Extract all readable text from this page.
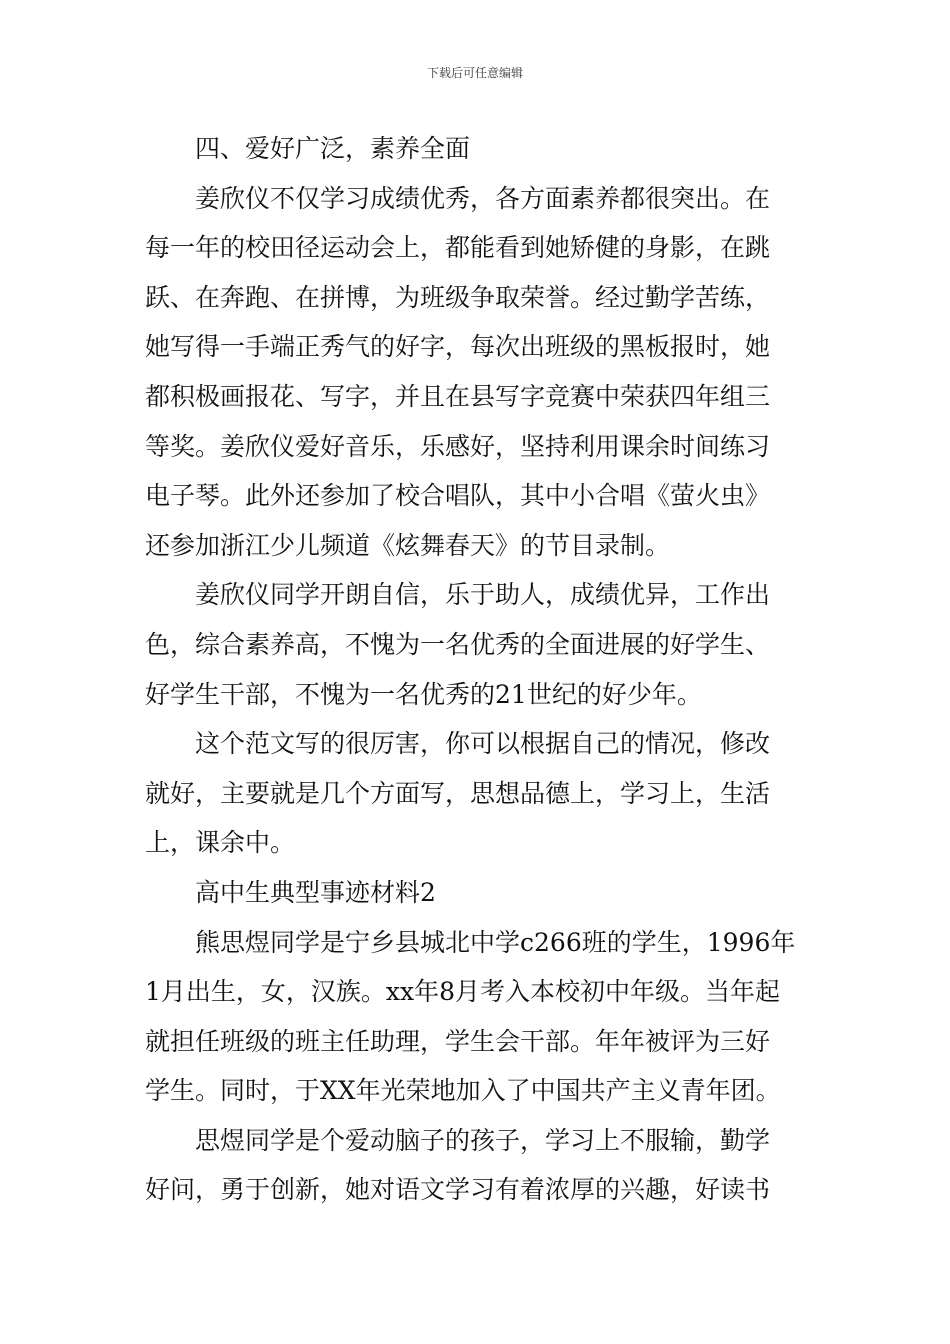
下载后可任意编辑
四、爱好广泛，素养全面
姜欣仪不仅学习成绩优秀，各方面素养都很突出。在
每一年的校田径运动会上，都能看到她矫健的身影，在跳
跃、在奔跑、在拼博，为班级争取荣誉。经过勤学苦练，
她写得一手端正秀气的好字，每次出班级的黑板报时，她
都积极画报花、写字，并且在县写字竞赛中荣获四年组三
等奖。姜欣仪爱好音乐，乐感好，坚持利用课余时间练习
电子琴。此外还参加了校合唱队，其中小合唱《萤火虫》
还参加浙江少儿频道《炫舞春天》的节目录制。
姜欣仪同学开朗自信，乐于助人，成绩优异，工作出
色，综合素养高，不愧为一名优秀的全面进展的好学生、
好学生干部，不愧为一名优秀的21世纪的好少年。
这个范文写的很厉害，你可以根据自己的情况，修改
就好，主要就是几个方面写，思想品德上，学习上，生活
上，课余中。
高中生典型事迹材料2
熊思煜同学是宁乡县城北中学c266班的学生，1996年
1月出生，女，汉族。xx年8月考入本校初中年级。当年起
就担任班级的班主任助理，学生会干部。年年被评为三好
学生。同时，于XX年光荣地加入了中国共产主义青年团。
思煜同学是个爱动脑子的孩子，学习上不服输，勤学
好问，勇于创新，她对语文学习有着浓厚的兴趣，好读书
